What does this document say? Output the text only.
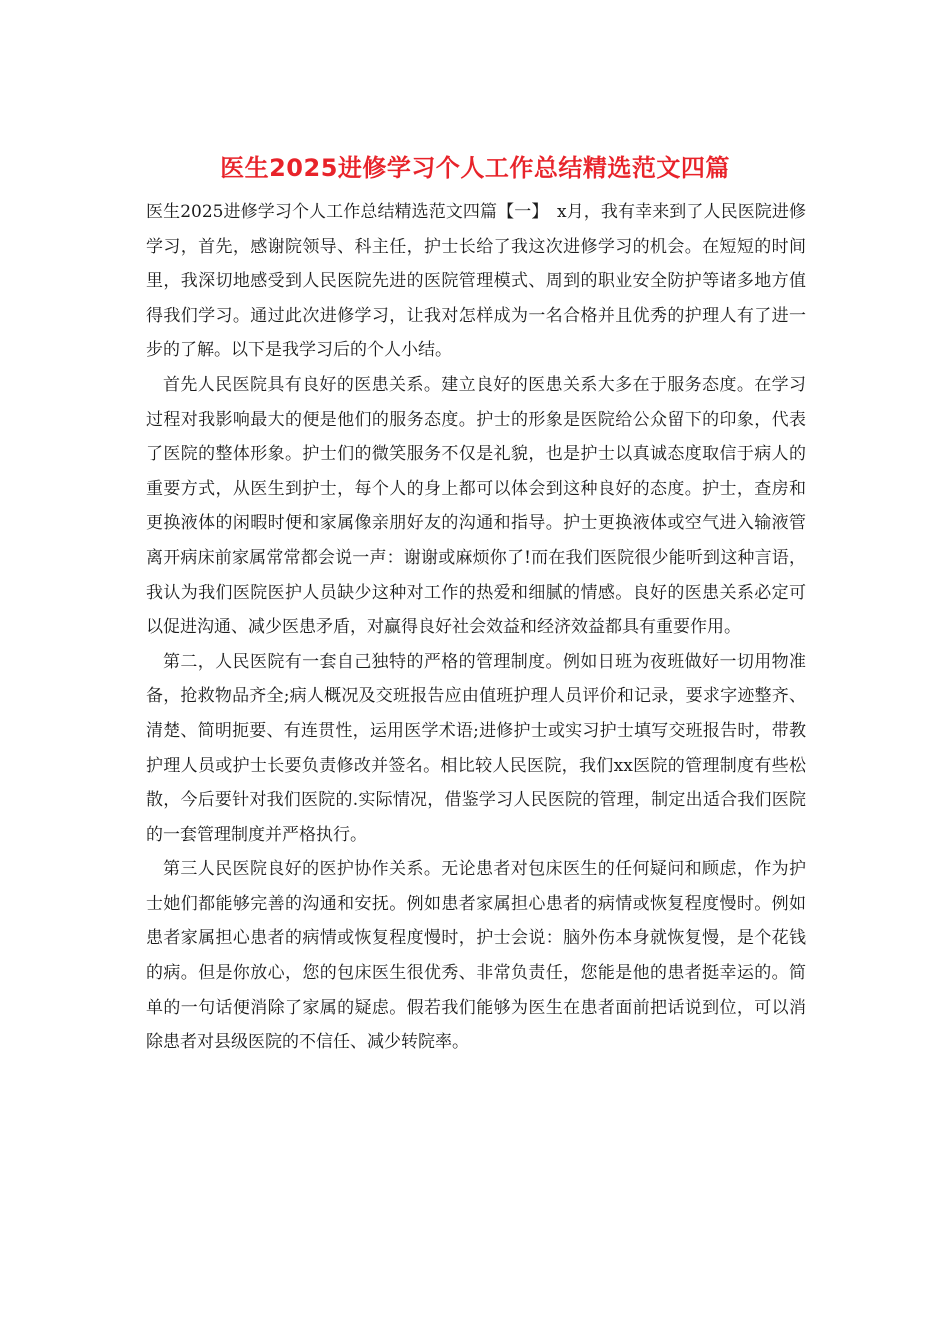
医生2025进修学习个人工作总结精选范文四篇

医生2025进修学习个人工作总结精选范文四篇【一】　x月，我有幸来到了人民医院进修学习，首先，感谢院领导、科主任，护士长给了我这次进修学习的机会。在短短的时间里，我深切地感受到人民医院先进的医院管理模式、周到的职业安全防护等诸多地方值得我们学习。通过此次进修学习，让我对怎样成为一名合格并且优秀的护理人有了进一步的了解。以下是我学习后的个人小结。

首先人民医院具有良好的医患关系。建立良好的医患关系大多在于服务态度。在学习过程对我影响最大的便是他们的服务态度。护士的形象是医院给公众留下的印象，代表了医院的整体形象。护士们的微笑服务不仅是礼貌，也是护士以真诚态度取信于病人的重要方式，从医生到护士，每个人的身上都可以体会到这种良好的态度。护士，查房和更换液体的闲暇时便和家属像亲朋好友的沟通和指导。护士更换液体或空气进入输液管离开病床前家属常常都会说一声：谢谢或麻烦你了!而在我们医院很少能听到这种言语，我认为我们医院医护人员缺少这种对工作的热爱和细腻的情感。良好的医患关系必定可以促进沟通、减少医患矛盾，对赢得良好社会效益和经济效益都具有重要作用。

第二，人民医院有一套自己独特的严格的管理制度。例如日班为夜班做好一切用物准备，抢救物品齐全;病人概况及交班报告应由值班护理人员评价和记录，要求字迹整齐、清楚、简明扼要、有连贯性，运用医学术语;进修护士或实习护士填写交班报告时，带教护理人员或护士长要负责修改并签名。相比较人民医院，我们xx医院的管理制度有些松散，今后要针对我们医院的.实际情况，借鉴学习人民医院的管理，制定出适合我们医院的一套管理制度并严格执行。

第三人民医院良好的医护协作关系。无论患者对包床医生的任何疑问和顾虑，作为护士她们都能够完善的沟通和安抚。例如患者家属担心患者的病情或恢复程度慢时。例如患者家属担心患者的病情或恢复程度慢时，护士会说：脑外伤本身就恢复慢，是个花钱的病。但是你放心，您的包床医生很优秀、非常负责任，您能是他的患者挺幸运的。简单的一句话便消除了家属的疑虑。假若我们能够为医生在患者面前把话说到位，可以消除患者对县级医院的不信任、减少转院率。
